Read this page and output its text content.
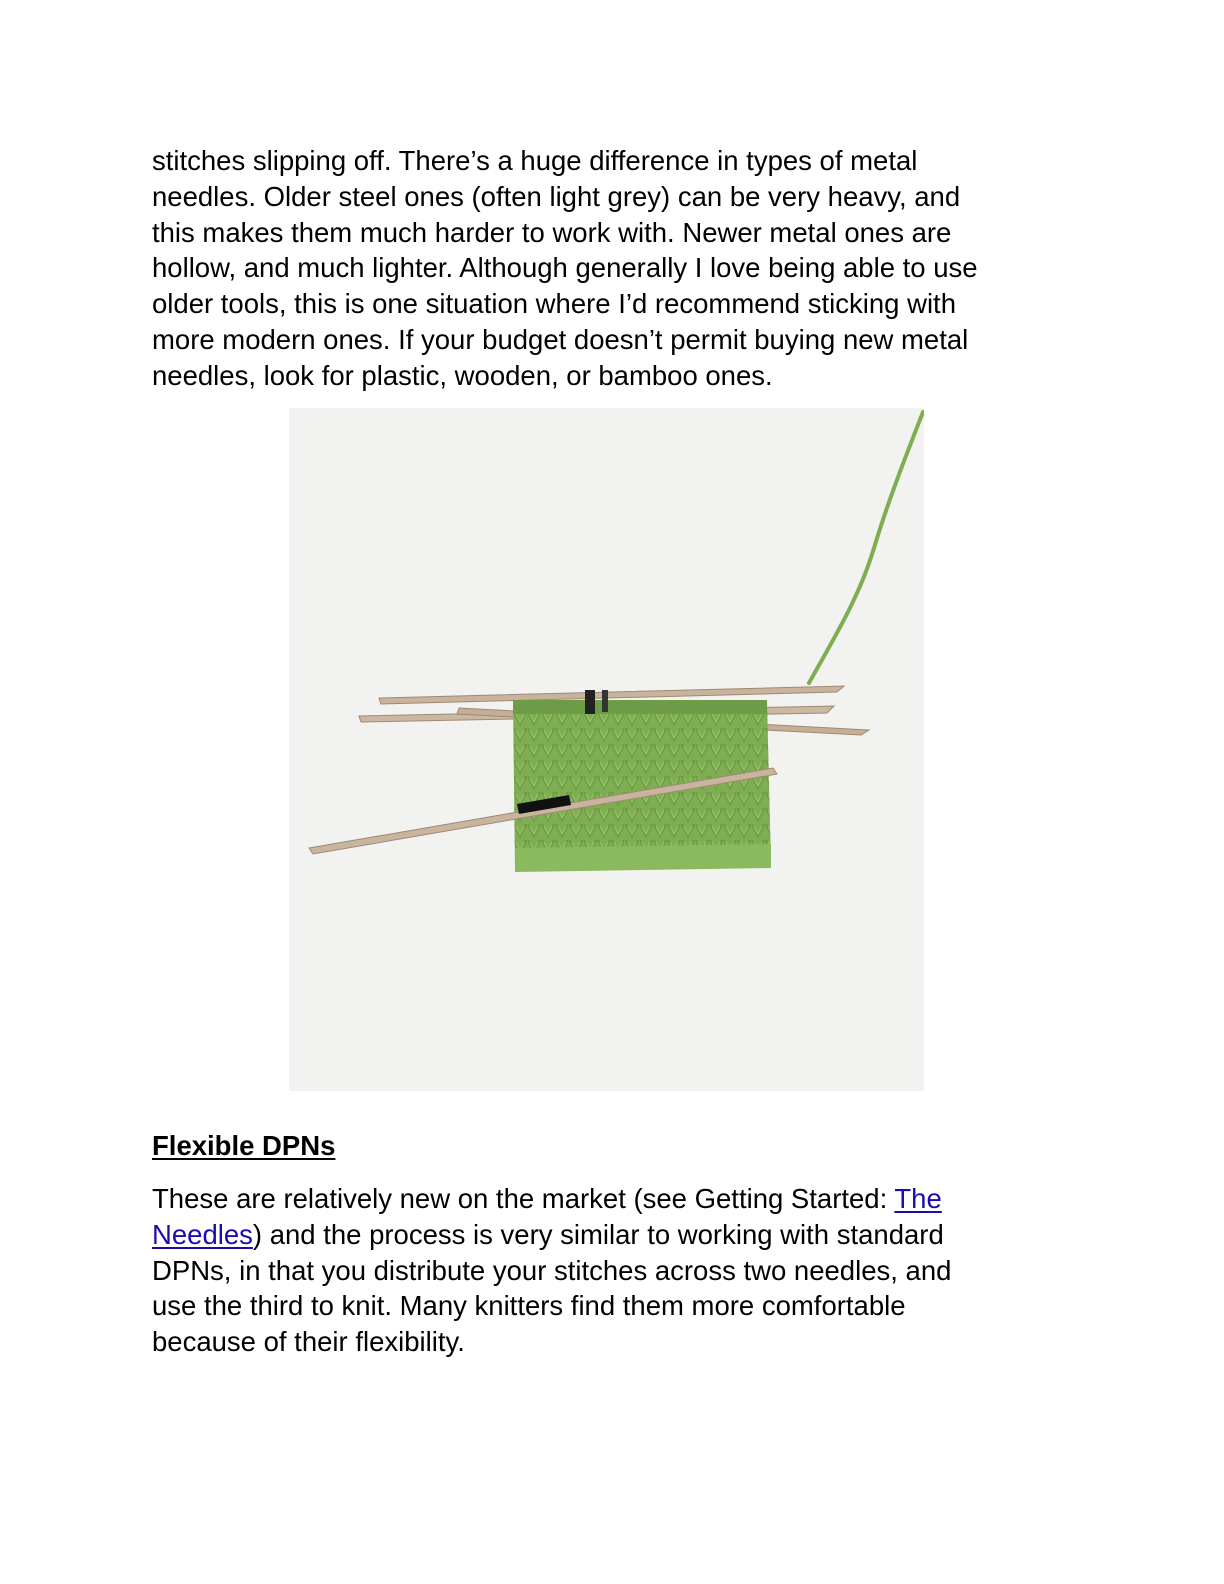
stitches slipping off. There’s a huge difference in types of metal
needles. Older steel ones (often light grey) can be very heavy, and
this makes them much harder to work with. Newer metal ones are
hollow, and much lighter. Although generally I love being able to use
older tools, this is one situation where I’d recommend sticking with
more modern ones. If your budget doesn’t permit buying new metal
needles, look for plastic, wooden, or bamboo ones.

Flexible DPNs

These are relatively new on the market (see Getting Started: The
Needles) and the process is very similar to working with standard
DPNs, in that you distribute your stitches across two needles, and
use the third to knit. Many knitters find them more comfortable
because of their flexibility.
